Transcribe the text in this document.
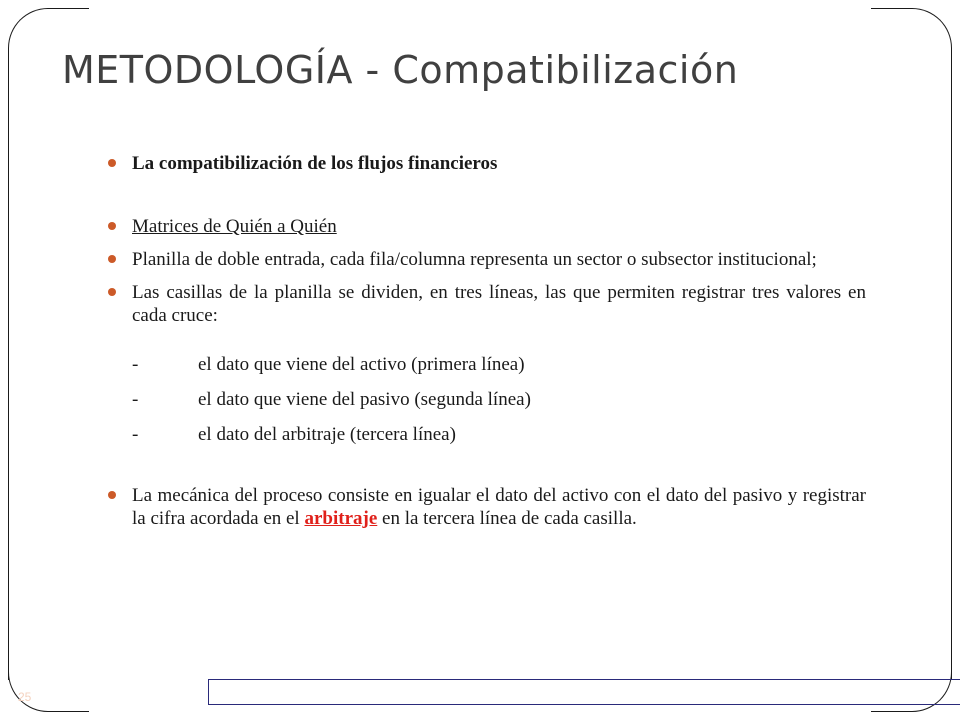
METODOLOGÍA - Compatibilización
La compatibilización de los flujos financieros
Matrices de Quién a Quién
Planilla de doble entrada, cada fila/columna representa un sector o subsector institucional;
Las casillas de la planilla se dividen, en tres líneas, las que permiten registrar tres valores en cada cruce:
-	el dato que viene del activo (primera línea)
-	el dato que viene del pasivo (segunda línea)
-	el dato del arbitraje (tercera línea)
La mecánica del proceso consiste en igualar el dato del activo con el dato del pasivo y registrar la cifra acordada en el arbitraje en la tercera línea de cada casilla.
25
